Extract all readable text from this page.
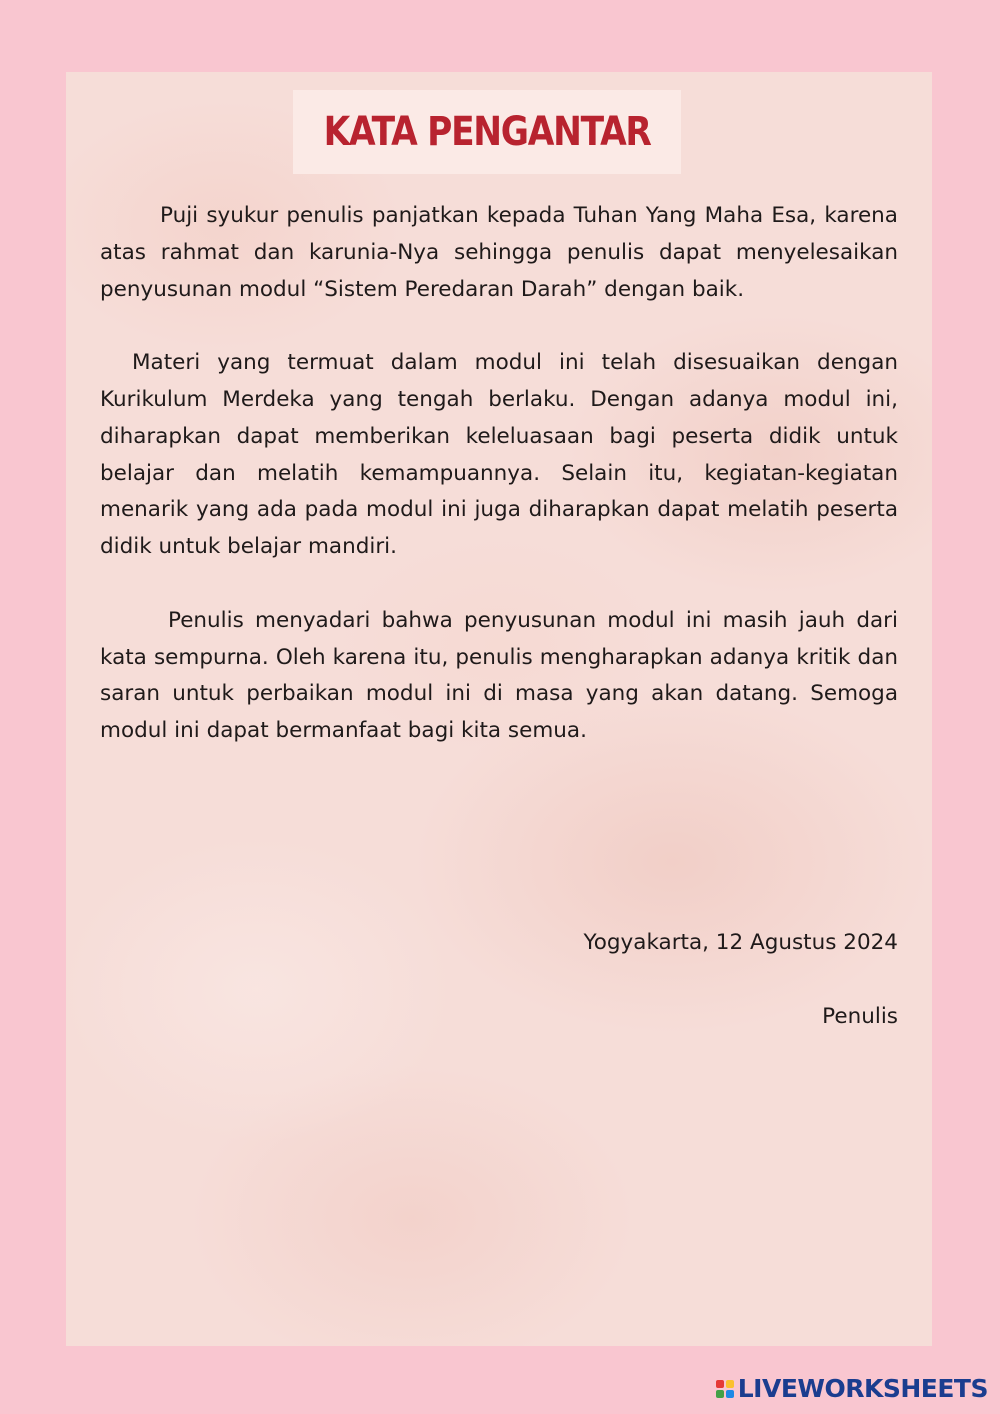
KATA PENGANTAR

Puji syukur penulis panjatkan kepada Tuhan Yang Maha Esa, karena atas rahmat dan karunia-Nya sehingga penulis dapat menyelesaikan penyusunan modul “Sistem Peredaran Darah” dengan baik.

Materi yang termuat dalam modul ini telah disesuaikan dengan Kurikulum Merdeka yang tengah berlaku. Dengan adanya modul ini, diharapkan dapat memberikan keleluasaan bagi peserta didik untuk belajar dan melatih kemampuannya. Selain itu, kegiatan-kegiatan menarik yang ada pada modul ini juga diharapkan dapat melatih peserta didik untuk belajar mandiri.

Penulis menyadari bahwa penyusunan modul ini masih jauh dari kata sempurna. Oleh karena itu, penulis mengharapkan adanya kritik dan saran untuk perbaikan modul ini di masa yang akan datang. Semoga modul ini dapat bermanfaat bagi kita semua.

Yogyakarta, 12 Agustus 2024

Penulis

LIVEWORKSHEETS
